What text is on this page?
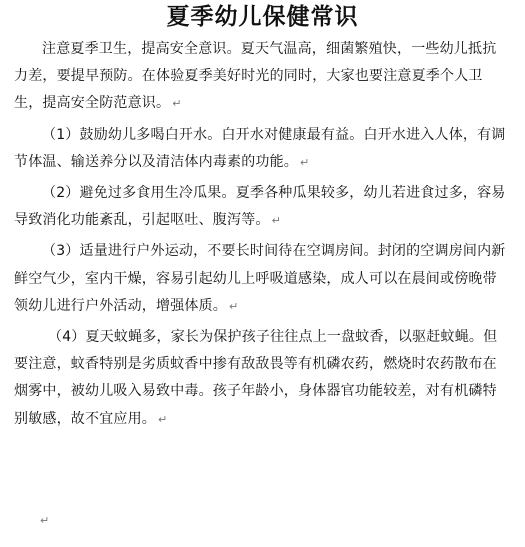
夏季幼儿保健常识

注意夏季卫生，提高安全意识。夏天气温高，细菌繁殖快，一些幼儿抵抗力差，要提早预防。在体验夏季美好时光的同时，大家也要注意夏季个人卫生，提高安全防范意识。 ↵

（1）鼓励幼儿多喝白开水。白开水对健康最有益。白开水进入人体，有调节体温、输送养分以及清洁体内毒素的功能。 ↵

（2）避免过多食用生冷瓜果。夏季各种瓜果较多，幼儿若进食过多，容易导致消化功能紊乱，引起呕吐、腹泻等。 ↵

（3）适量进行户外运动，不要长时间待在空调房间。封闭的空调房间内新鲜空气少，室内干燥，容易引起幼儿上呼吸道感染，成人可以在晨间或傍晚带领幼儿进行户外活动，增强体质。 ↵

（4）夏天蚊蝇多，家长为保护孩子往往点上一盘蚊香，以驱赶蚊蝇。但要注意，蚊香特别是劣质蚊香中掺有敌敌畏等有机磷农药，燃烧时农药散布在烟雾中，被幼儿吸入易致中毒。孩子年龄小，身体器官功能较差，对有机磷特别敏感，故不宜应用。 ↵

↵
